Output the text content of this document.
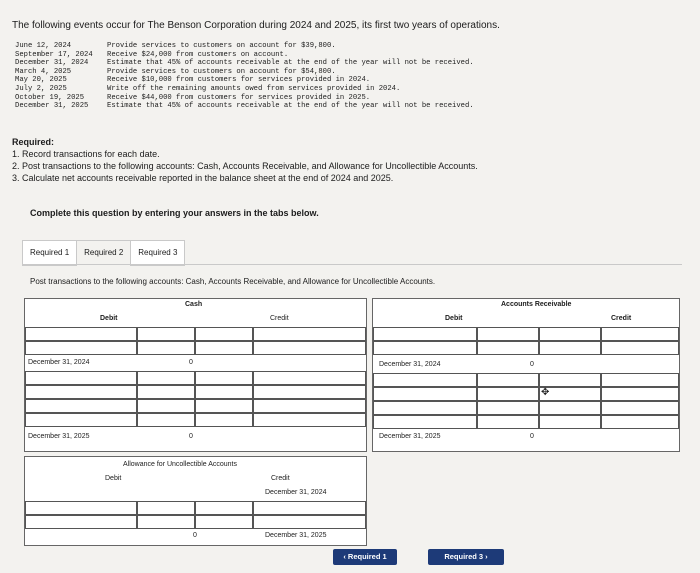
The following events occur for The Benson Corporation during 2024 and 2025, its first two years of operations.
June 12, 2024	Provide services to customers on account for $39,800.
September 17, 2024	Receive $24,000 from customers on account.
December 31, 2024	Estimate that 45% of accounts receivable at the end of the year will not be received.
March 4, 2025	Provide services to customers on account for $54,800.
May 20, 2025	Receive $10,000 from customers for services provided in 2024.
July 2, 2025	Write off the remaining amounts owed from services provided in 2024.
October 19, 2025	Receive $44,000 from customers for services provided in 2025.
December 31, 2025	Estimate that 45% of accounts receivable at the end of the year will not be received.
Required:
1. Record transactions for each date.
2. Post transactions to the following accounts: Cash, Accounts Receivable, and Allowance for Uncollectible Accounts.
3. Calculate net accounts receivable reported in the balance sheet at the end of 2024 and 2025.
Complete this question by entering your answers in the tabs below.
Required 1	Required 2	Required 3
Post transactions to the following accounts: Cash, Accounts Receivable, and Allowance for Uncollectible Accounts.
Cash
Debit	Credit
December 31, 2024	0
December 31, 2025	0
Accounts Receivable
Debit	Credit
December 31, 2024	0
December 31, 2025	0
✥
Allowance for Uncollectible Accounts
Debit	Credit
December 31, 2024
0	December 31, 2025
‹ Required 1	Required 3 ›
